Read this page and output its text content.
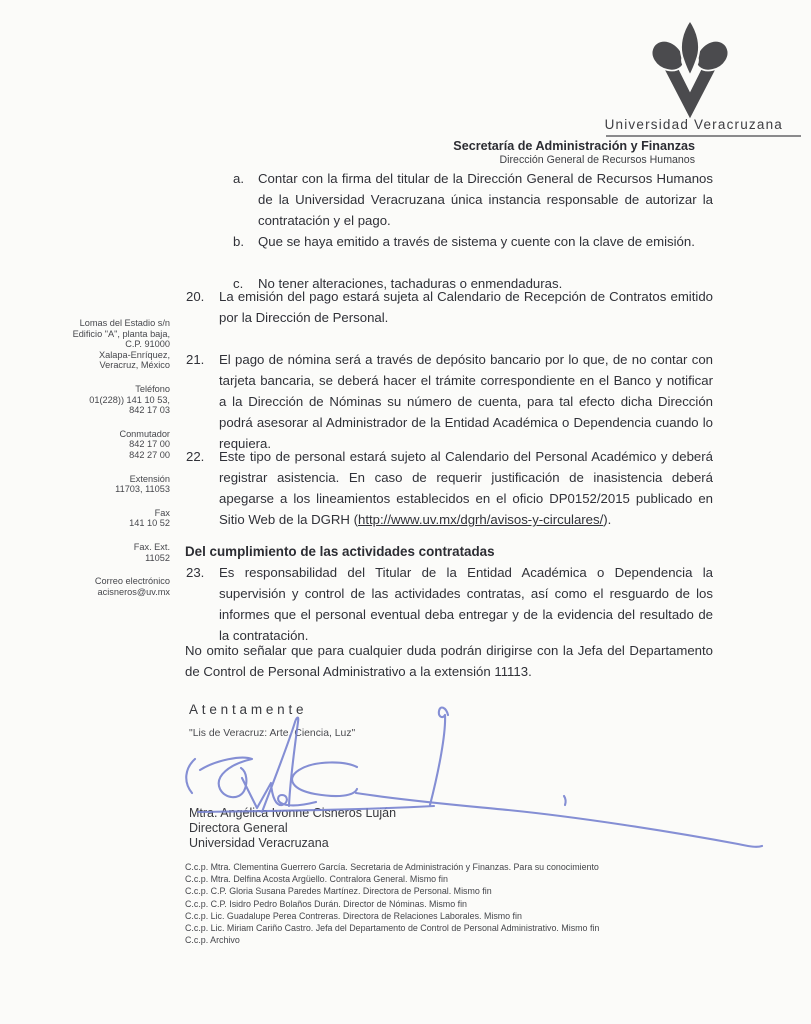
Universidad Veracruzana
Secretaría de Administración y Finanzas
Dirección General de Recursos Humanos
Lomas del Estadio s/n
Edificio "A", planta baja,
C.P. 91000
Xalapa-Enríquez,
Veracruz, México
Teléfono
01(228)) 141 10 53,
842 17 03
Conmutador
842 17 00
842 27 00
Extensión
11703, 11053
Fax
141 10 52
Fax. Ext.
11052
Correo electrónico
acisneros@uv.mx
a.	Contar con la firma del titular de la Dirección General de Recursos Humanos de la Universidad Veracruzana única instancia responsable de autorizar la contratación y el pago.
b.	Que se haya emitido a través de sistema y cuente con la clave de emisión.
c.	No tener alteraciones, tachaduras o enmendaduras.
20.	La emisión del pago estará sujeta al Calendario de Recepción de Contratos emitido por la Dirección de Personal.
21.	El pago de nómina será a través de depósito bancario por lo que, de no contar con tarjeta bancaria, se deberá hacer el trámite correspondiente en el Banco y notificar a la Dirección de Nóminas su número de cuenta, para tal efecto dicha Dirección podrá asesorar al Administrador de la Entidad Académica o Dependencia cuando lo requiera.
22.	Este tipo de personal estará sujeto al Calendario del Personal Académico y deberá registrar asistencia. En caso de requerir justificación de inasistencia deberá apegarse a los lineamientos establecidos en el oficio DP0152/2015 publicado en Sitio Web de la DGRH (http://www.uv.mx/dgrh/avisos-y-circulares/).
Del cumplimiento de las actividades contratadas
23.	Es responsabilidad del Titular de la Entidad Académica o Dependencia la supervisión y control de las actividades contratas, así como el resguardo de los informes que el personal eventual deba entregar y de la evidencia del resultado de la contratación.
No omito señalar que para cualquier duda podrán dirigirse con la Jefa del Departamento de Control de Personal Administrativo a la extensión 11113.
Atentamente
"Lis de Veracruz: Arte, Ciencia, Luz"
Mtra. Angélica Ivonne Cisneros Luján
Directora General
Universidad Veracruzana
C.c.p. Mtra. Clementina Guerrero García. Secretaria de Administración y Finanzas. Para su conocimiento
C.c.p. Mtra. Delfina Acosta Argüello. Contralora General. Mismo fin
C.c.p. C.P. Gloria Susana Paredes Martínez. Directora de Personal. Mismo fin
C.c.p. C.P. Isidro Pedro Bolaños Durán. Director de Nóminas. Mismo fin
C.c.p. Lic. Guadalupe Perea Contreras. Directora de Relaciones Laborales. Mismo fin
C.c.p. Lic. Miriam Cariño Castro. Jefa del Departamento de Control de Personal Administrativo. Mismo fin
C.c.p. Archivo
